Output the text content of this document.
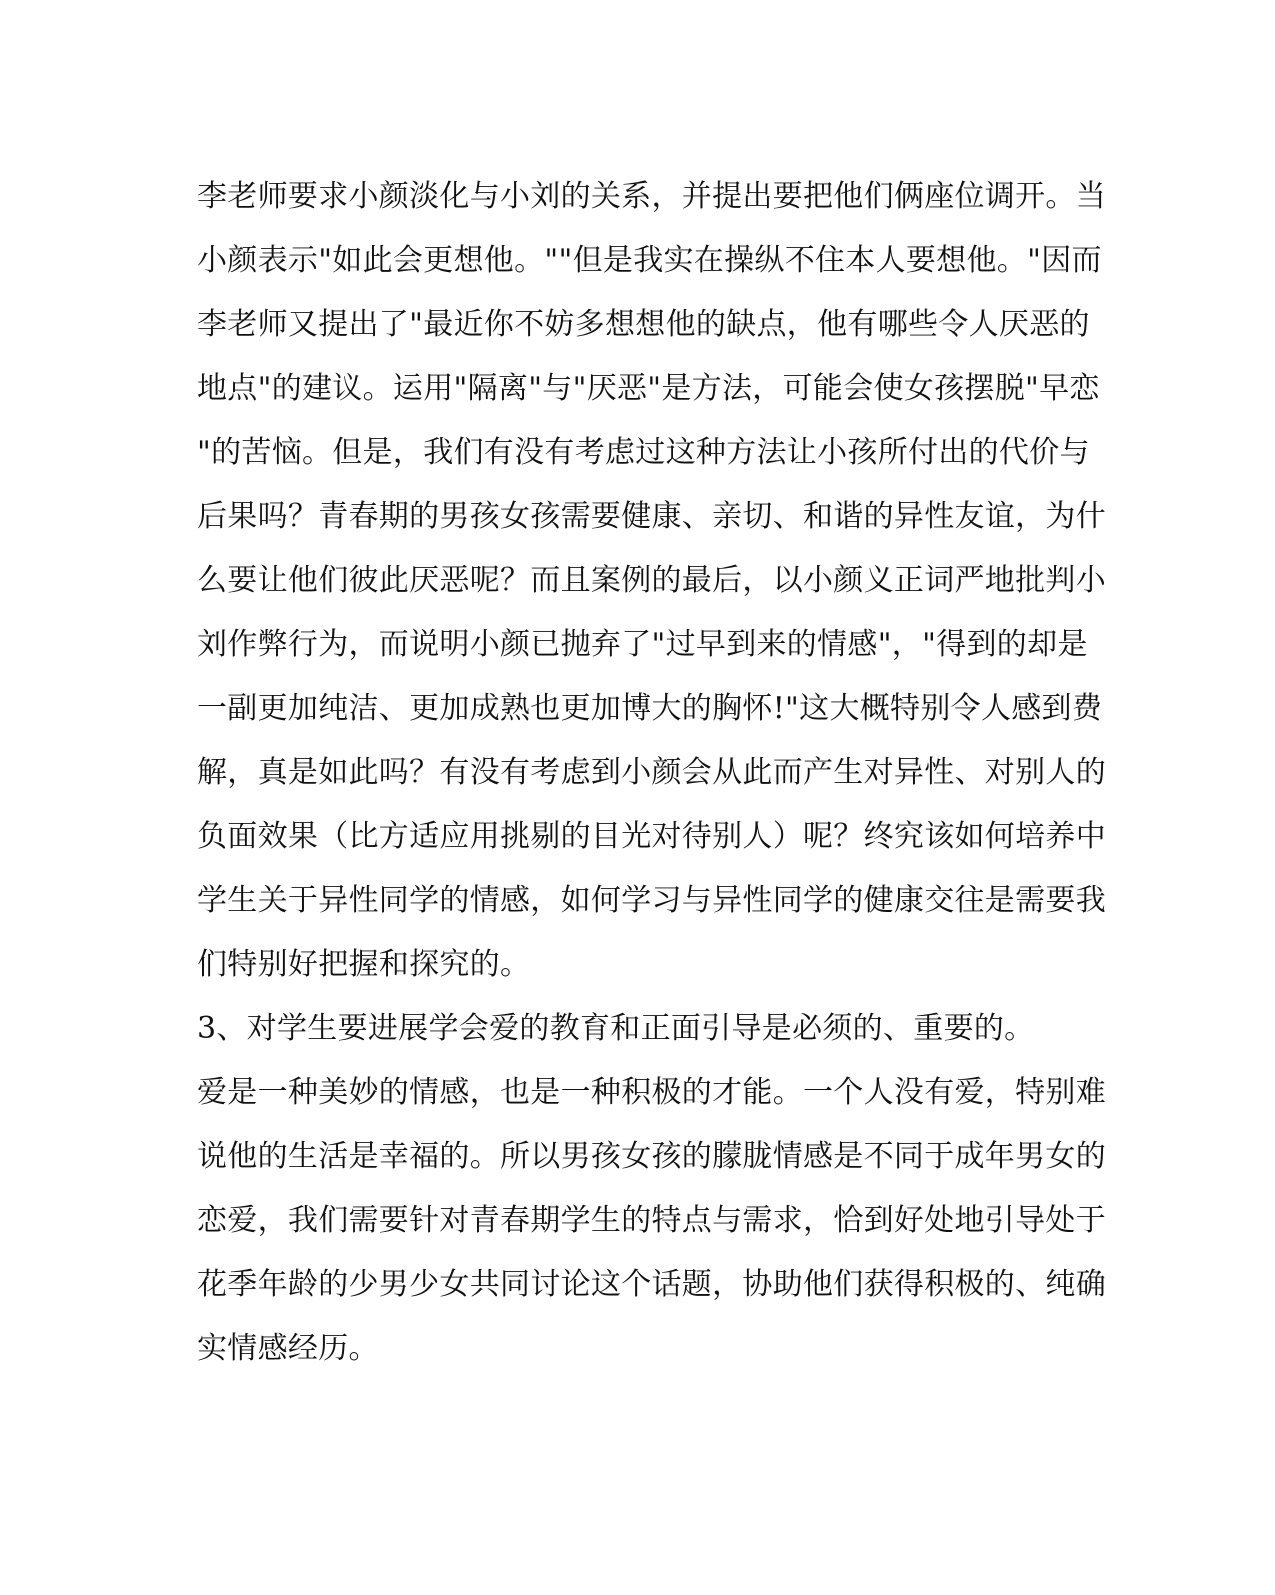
李老师要求小颜淡化与小刘的关系，并提出要把他们俩座位调开。当
小颜表示"如此会更想他。""但是我实在操纵不住本人要想他。"因而
李老师又提出了"最近你不妨多想想他的缺点，他有哪些令人厌恶的
地点"的建议。运用"隔离"与"厌恶"是方法，可能会使女孩摆脱"早恋
"的苦恼。但是，我们有没有考虑过这种方法让小孩所付出的代价与
后果吗？青春期的男孩女孩需要健康、亲切、和谐的异性友谊，为什
么要让他们彼此厌恶呢？而且案例的最后，以小颜义正词严地批判小
刘作弊行为，而说明小颜已抛弃了"过早到来的情感"，"得到的却是
一副更加纯洁、更加成熟也更加博大的胸怀!"这大概特别令人感到费
解，真是如此吗？有没有考虑到小颜会从此而产生对异性、对别人的
负面效果（比方适应用挑剔的目光对待别人）呢？终究该如何培养中
学生关于异性同学的情感，如何学习与异性同学的健康交往是需要我
们特别好把握和探究的。
3、对学生要进展学会爱的教育和正面引导是必须的、重要的。
爱是一种美妙的情感，也是一种积极的才能。一个人没有爱，特别难
说他的生活是幸福的。所以男孩女孩的朦胧情感是不同于成年男女的
恋爱，我们需要针对青春期学生的特点与需求，恰到好处地引导处于
花季年龄的少男少女共同讨论这个话题，协助他们获得积极的、纯确
实情感经历。
